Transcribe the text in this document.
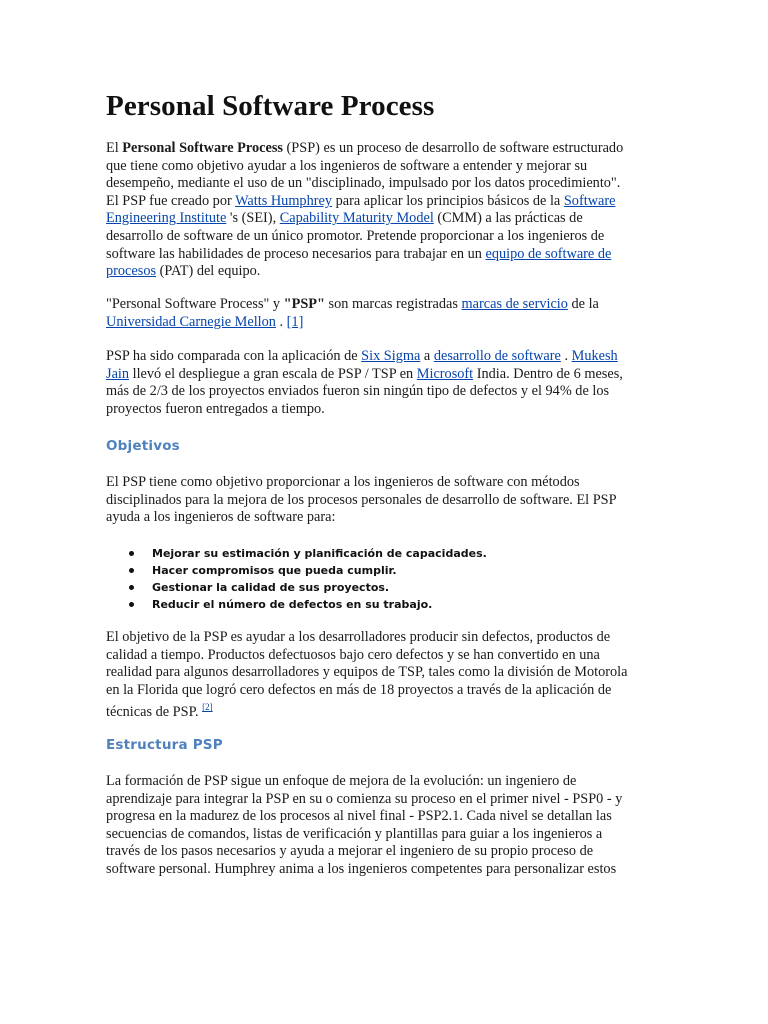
Personal Software Process
El Personal Software Process (PSP) es un proceso de desarrollo de software estructurado
que tiene como objetivo ayudar a los ingenieros de software a entender y mejorar su
desempeño, mediante el uso de un "disciplinado, impulsado por los datos procedimiento".
El PSP fue creado por Watts Humphrey para aplicar los principios básicos de la Software
Engineering Institute 's (SEI), Capability Maturity Model (CMM) a las prácticas de
desarrollo de software de un único promotor. Pretende proporcionar a los ingenieros de
software las habilidades de proceso necesarios para trabajar en un equipo de software de
procesos (PAT) del equipo.
"Personal Software Process" y "PSP" son marcas registradas marcas de servicio de la
Universidad Carnegie Mellon . [1]
PSP ha sido comparada con la aplicación de Six Sigma a desarrollo de software . Mukesh
Jain llevó el despliegue a gran escala de PSP / TSP en Microsoft India. Dentro de 6 meses,
más de 2/3 de los proyectos enviados fueron sin ningún tipo de defectos y el 94% de los
proyectos fueron entregados a tiempo.
Objetivos
El PSP tiene como objetivo proporcionar a los ingenieros de software con métodos
disciplinados para la mejora de los procesos personales de desarrollo de software. El PSP
ayuda a los ingenieros de software para:
Mejorar su estimación y planificación de capacidades.
Hacer compromisos que pueda cumplir.
Gestionar la calidad de sus proyectos.
Reducir el número de defectos en su trabajo.
El objetivo de la PSP es ayudar a los desarrolladores producir sin defectos, productos de
calidad a tiempo. Productos defectuosos bajo cero defectos y se han convertido en una
realidad para algunos desarrolladores y equipos de TSP, tales como la división de Motorola
en la Florida que logró cero defectos en más de 18 proyectos a través de la aplicación de
técnicas de PSP. [2]
Estructura PSP
La formación de PSP sigue un enfoque de mejora de la evolución: un ingeniero de
aprendizaje para integrar la PSP en su o comienza su proceso en el primer nivel - PSP0 - y
progresa en la madurez de los procesos al nivel final - PSP2.1. Cada nivel se detallan las
secuencias de comandos, listas de verificación y plantillas para guiar a los ingenieros a
través de los pasos necesarios y ayuda a mejorar el ingeniero de su propio proceso de
software personal. Humphrey anima a los ingenieros competentes para personalizar estos
